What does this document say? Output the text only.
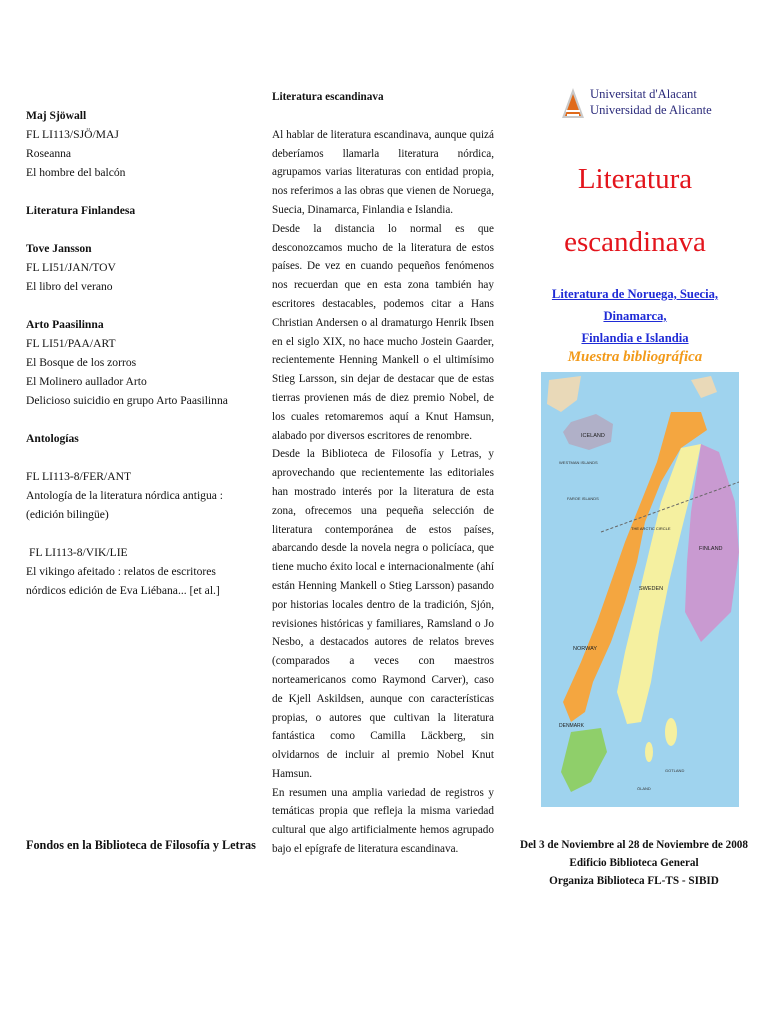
Maj Sjöwall

FL LI113/SJÖ/MAJ

Roseanna

El hombre del balcón

Literatura Finlandesa

Tove Jansson

FL LI51/JAN/TOV

El libro del verano

Arto Paasilinna

FL LI51/PAA/ART

El Bosque de los zorros

El Molinero aullador Arto

Delicioso suicidio en grupo Arto Paasilinna

Antologías

FL LI113-8/FER/ANT

Antología de la literatura nórdica antigua : (edición bilingüe)

FL LI113-8/VIK/LIE

El vikingo afeitado : relatos de escritores nórdicos edición de Eva Liébana... [et al.]

Fondos en la Biblioteca de Filosofía y Letras

Literatura escandinava

Al hablar de literatura escandinava, aunque quizá deberíamos llamarla literatura nórdica, agrupamos varias literaturas con entidad propia, nos referimos a las obras que vienen de Noruega, Suecia, Dinamarca, Finlandia e Islandia.

Desde la distancia lo normal es que desconozcamos mucho de la literatura de estos países. De vez en cuando pequeños fenómenos nos recuerdan que en esta zona también hay escritores destacables, podemos citar a Hans Christian Andersen o al dramaturgo Henrik Ibsen en el siglo XIX, no hace mucho Jostein Gaarder, recientemente Henning Mankell o el ultimísimo Stieg Larsson, sin dejar de destacar que de estas tierras provienen más de diez premio Nobel, de los cuales retomaremos aquí a Knut Hamsun, alabado por diversos escritores de renombre.

Desde la Biblioteca de Filosofía y Letras, y aprovechando que recientemente las editoriales han mostrado interés por la literatura de esta zona, ofrecemos una pequeña selección de literatura contemporánea de estos países, abarcando desde la novela negra o policíaca, que tiene mucho éxito local e internacionalmente (ahí están Henning Mankell o Stieg Larsson) pasando por historias locales dentro de la tradición, Sjón, revisiones históricas y familiares, Ramsland o Jo Nesbo, a destacados autores de relatos breves (comparados a veces con maestros norteamericanos como Raymond Carver), caso de Kjell Askildsen, aunque con características propias, o autores que cultivan la literatura fantástica como Camilla Läckberg, sin olvidarnos de incluir al premio Nobel Knut Hamsun.

En resumen una amplia variedad de registros y temáticas propia que refleja la misma variedad cultural que algo artificialmente hemos agrupado bajo el epígrafe de literatura escandinava.

Universitat d'Alacant
Universidad de Alicante

Literatura

escandinava

Literatura de Noruega, Suecia, Dinamarca,
Finlandia e Islandia
Muestra bibliográfica
ICELAND
WESTMAN ISLANDS
FAROE ISLANDS
THE ARCTIC CIRCLE
FINLAND
SWEDEN
NORWAY
DENMARK
GOTLAND
ÖLAND

Del 3 de Noviembre al 28 de Noviembre de 2008

Edificio Biblioteca General

Organiza Biblioteca FL-TS - SIBID
